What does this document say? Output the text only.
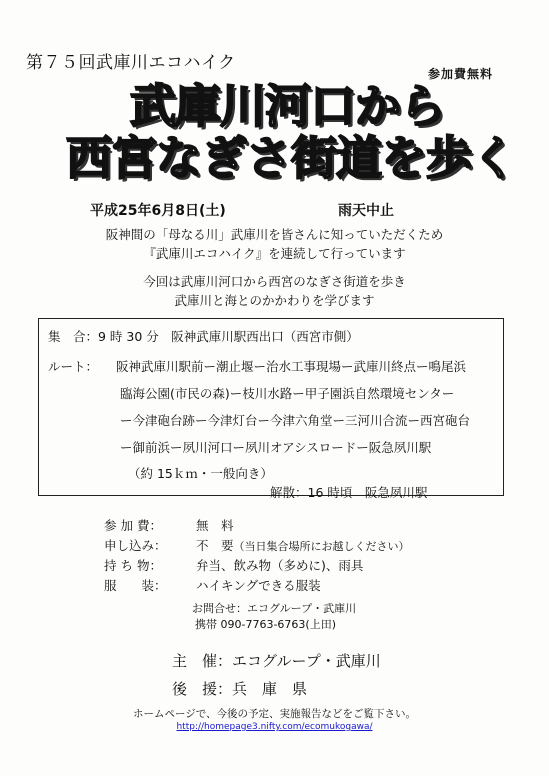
第７５回武庫川エコハイク
参加費無料
武庫川河口から
西宮なぎさ街道を歩く
平成25年6月8日(土)	雨天中止
阪神間の「母なる川」武庫川を皆さんに知っていただくため
『武庫川エコハイク』を連続して行っています
今回は武庫川河口から西宮のなぎさ街道を歩き
武庫川と海とのかかわりを学びます
集　合：9 時 30 分　阪神武庫川駅西出口（西宮市側）
ルート： 阪神武庫川駅前ー潮止堰ー治水工事現場ー武庫川終点ー鳴尾浜
臨海公園(市民の森)ー枝川水路ー甲子園浜自然環境センター
ー今津砲台跡ー今津灯台ー今津六角堂ー三河川合流ー西宮砲台
ー御前浜ー夙川河口ー夙川オアシスロードー阪急夙川駅
（約 15ｋｍ・一般向き）
解散：16 時頃　阪急夙川駅
参 加 費：	無　料
申し込み： 不　要（当日集合場所にお越しください）
持 ち 物：	弁当、飲み物（多めに)、雨具
服　　装： ハイキングできる服装
お問合せ：エコグループ・武庫川
携帯 090-7763-6763(上田)
主　催：エコグループ・武庫川
後　援：兵　庫　県
ホームページで、今後の予定、実施報告などをご覧下さい。
http://homepage3.nifty.com/ecomukogawa/
